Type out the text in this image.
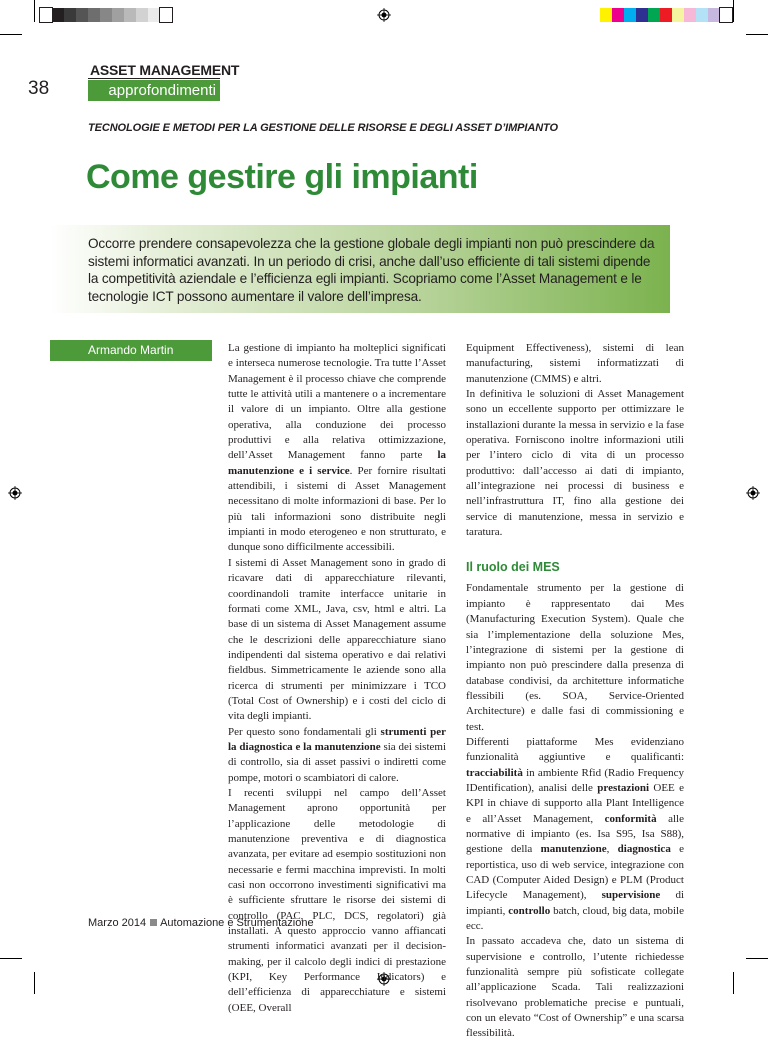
ASSET MANAGEMENT
38	approfondimenti
TECNOLOGIE E METODI PER LA GESTIONE DELLE RISORSE E DEGLI ASSET D’IMPIANTO
Come gestire gli impianti
Occorre prendere consapevolezza che la gestione globale degli impianti non può prescindere da sistemi informatici avanzati. In un periodo di crisi, anche dall’uso efficiente di tali sistemi dipende la competitività aziendale e l’efficienza egli impianti. Scopriamo come l’Asset Management e le tecnologie ICT possono aumentare il valore dell’impresa.
Armando Martin	La gestione di impianto ha molteplici significati e interseca numerose tecnologie. Tra tutte l’Asset Management è il processo chiave che comprende tutte le attività utili a mantenere o a incrementare il valore di un impianto. Oltre alla gestione operativa, alla conduzione dei processo produttivi e alla relativa ottimizzazione, dell’Asset Management fanno parte la manutenzione e i service. Per fornire risultati attendibili, i sistemi di Asset Management necessitano di molte informazioni di base. Per lo più tali informazioni sono distribuite negli impianti in modo eterogeneo e non strutturato, e dunque sono difficilmente accessibili.

I sistemi di Asset Management sono in grado di ricavare dati di apparecchiature rilevanti, coordinandoli tramite interfacce unitarie in formati come XML, Java, csv, html e altri. La base di un sistema di Asset Management assume che le descrizioni delle apparecchiature siano indipendenti dal sistema operativo e dai relativi fieldbus. Simmetricamente le aziende sono alla ricerca di strumenti per minimizzare i TCO (Total Cost of Ownership) e i costi del ciclo di vita degli impianti.

Per questo sono fondamentali gli strumenti per la diagnostica e la manutenzione sia dei sistemi di controllo, sia di asset passivi o indiretti come pompe, motori o scambiatori di calore.

I recenti sviluppi nel campo dell’Asset Management aprono opportunità per l’applicazione delle metodologie di manutenzione preventiva e di diagnostica avanzata, per evitare ad esempio sostituzioni non necessarie e fermi macchina imprevisti. In molti casi non occorrono investimenti significativi ma è sufficiente sfruttare le risorse dei sistemi di controllo (PAC, PLC, DCS, regolatori) già installati. A questo approccio vanno affiancati strumenti informatici avanzati per il decision-making, per il calcolo degli indici di prestazione (KPI, Key Performance Indicators) e dell’efficienza di apparecchiature e sistemi (OEE, Overall

Equipment Effectiveness), sistemi di lean manufacturing, sistemi informatizzati di manutenzione (CMMS) e altri.

In definitiva le soluzioni di Asset Management sono un eccellente supporto per ottimizzare le installazioni durante la messa in servizio e la fase operativa. Forniscono inoltre informazioni utili per l’intero ciclo di vita di un processo produttivo: dall’accesso ai dati di impianto, all’integrazione nei processi di business e nell’infrastruttura IT, fino alla gestione dei service di manutenzione, messa in servizio e taratura.

Il ruolo dei MES

Fondamentale strumento per la gestione di impianto è rappresentato dai Mes (Manufacturing Execution System). Quale che sia l’implementazione della soluzione Mes, l’integrazione di sistemi per la gestione di impianto non può prescindere dalla presenza di database condivisi, da architetture informatiche flessibili (es. SOA, Service-Oriented Architecture) e dalle fasi di commissioning e test.

Differenti piattaforme Mes evidenziano funzionalità aggiuntive e qualificanti: tracciabilità in ambiente Rfid (Radio Frequency IDentification), analisi delle prestazioni OEE e KPI in chiave di supporto alla Plant Intelligence e all’Asset Management, conformità alle normative di impianto (es. Isa S95, Isa S88), gestione della manutenzione, diagnostica e reportistica, uso di web service, integrazione con CAD (Computer Aided Design) e PLM (Product Lifecycle Management), supervisione di impianti, controllo batch, cloud, big data, mobile ecc.

In passato accadeva che, dato un sistema di supervisione e controllo, l’utente richiedesse funzionalità sempre più sofisticate collegate all’applicazione Scada. Tali realizzazioni risolvevano problematiche precise e puntuali, con un elevato “Cost of Ownership” e una scarsa flessibilità.

Marzo 2014 Automazione e Strumentazione
